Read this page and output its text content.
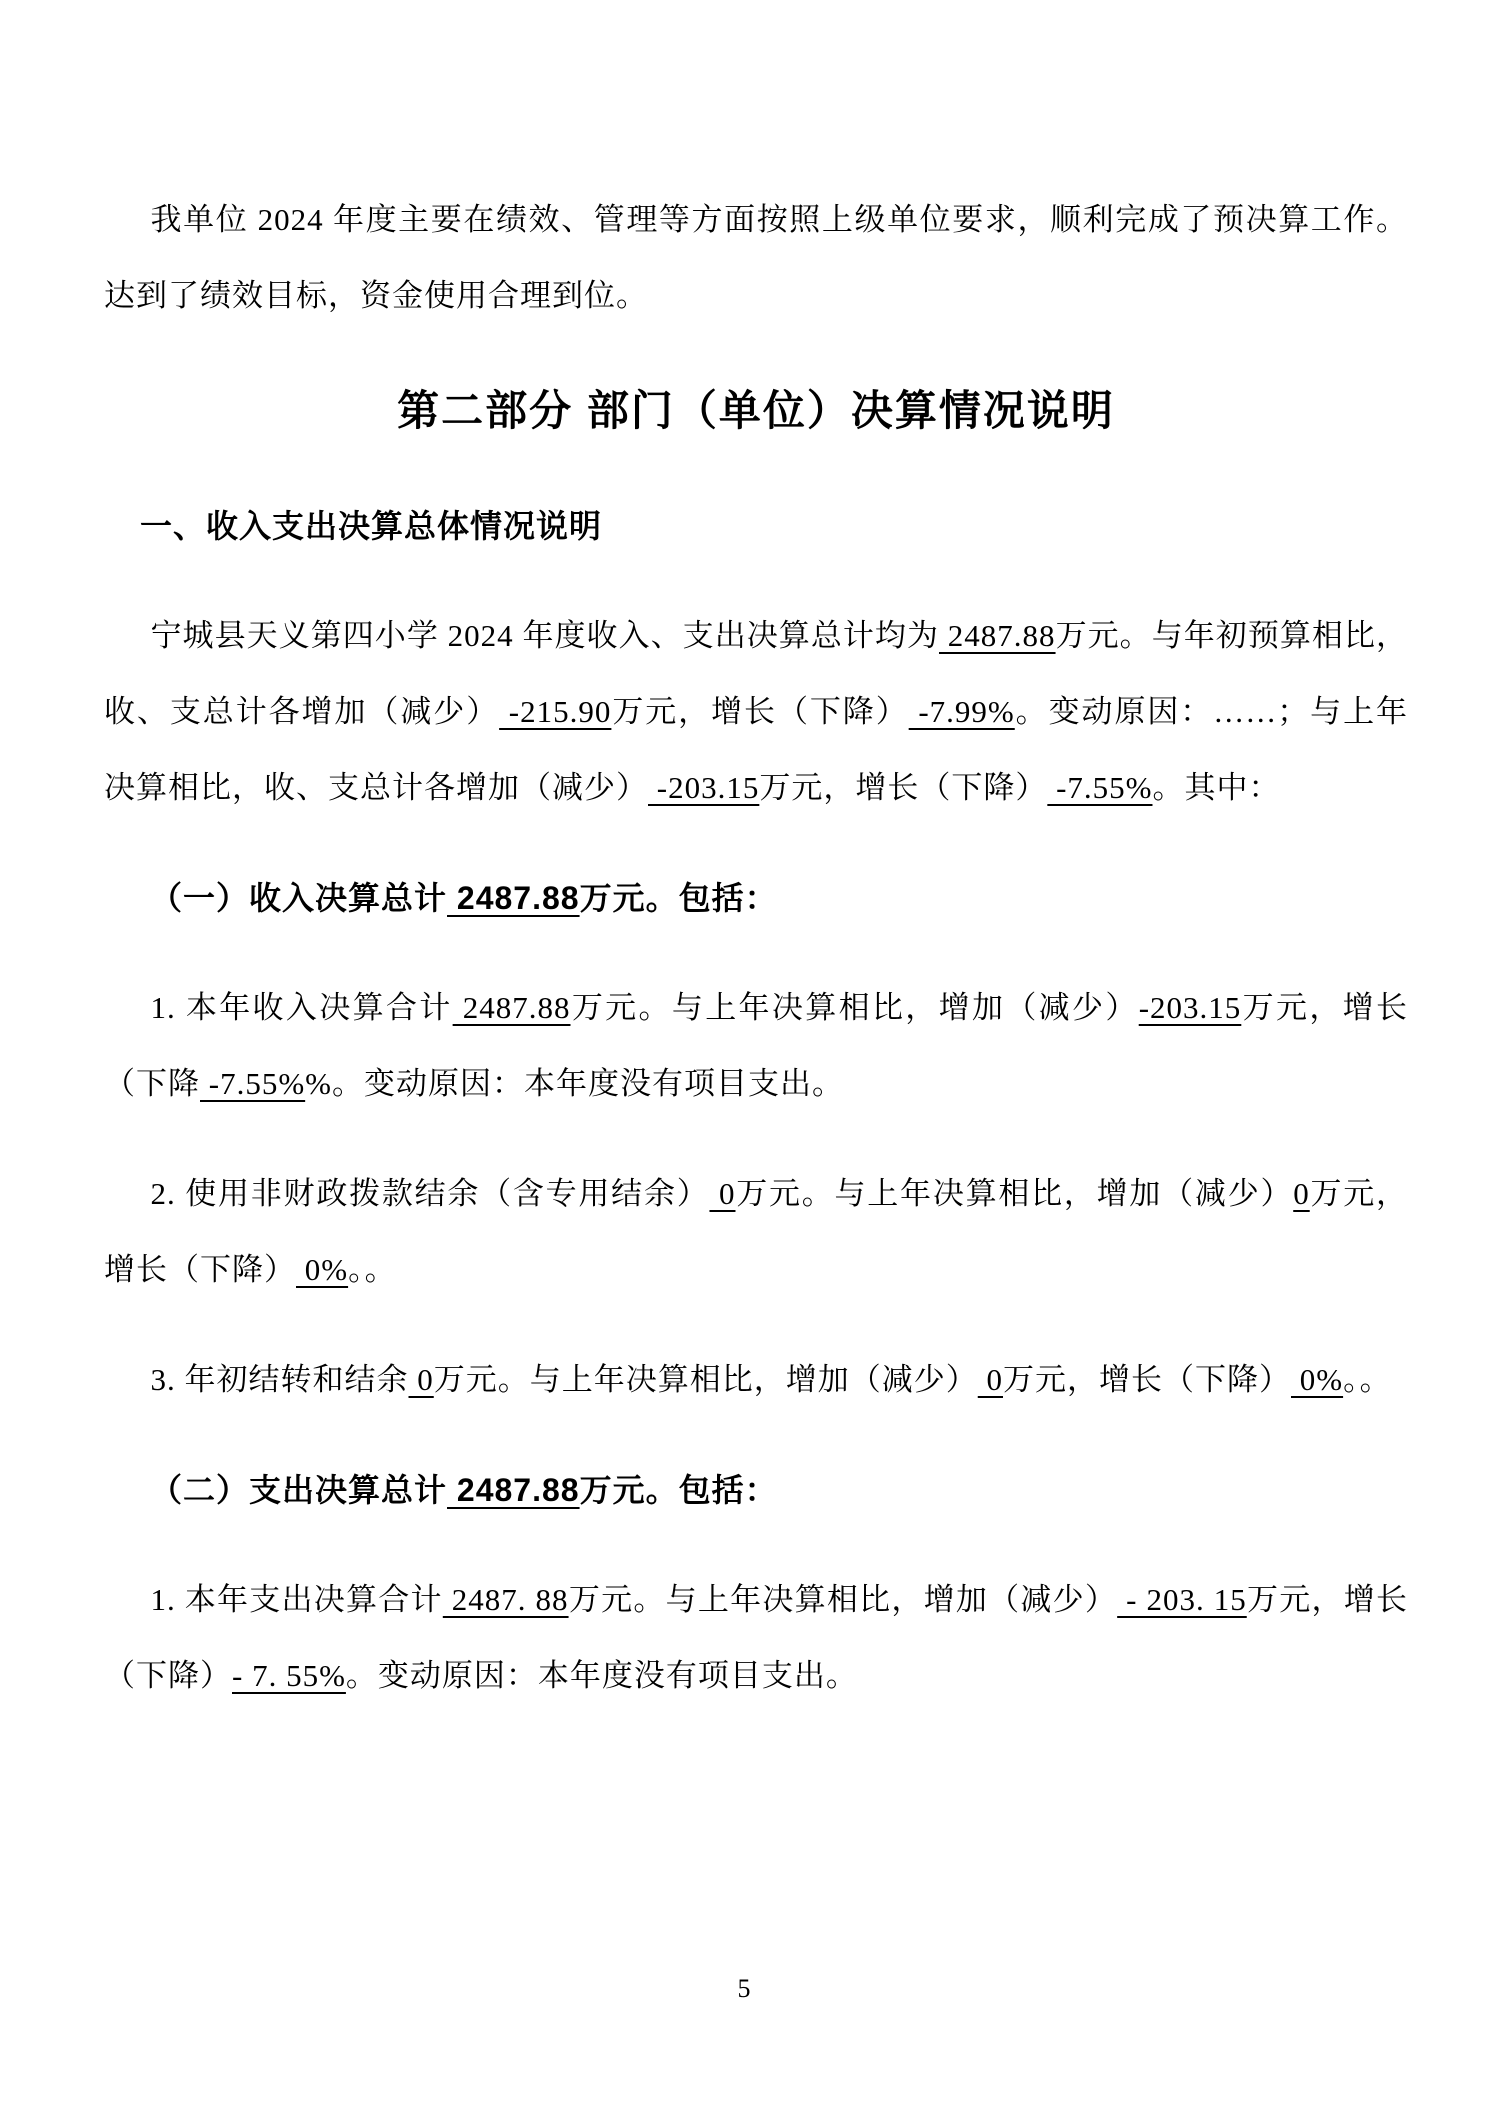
我单位 2024 年度主要在绩效、管理等方面按照上级单位要求，顺利完成了预决算工作。达到了绩效目标，资金使用合理到位。

第二部分 部门（单位）决算情况说明
一、收入支出决算总体情况说明

宁城县天义第四小学 2024 年度收入、支出决算总计均为 2487.88万元。与年初预算相比，收、支总计各增加（减少） -215.90万元，增长（下降） -7.99%。变动原因：……；与上年决算相比，收、支总计各增加（减少） -203.15万元，增长（下降） -7.55%。其中：

（一）收入决算总计 2487.88万元。包括：

1. 本年收入决算合计 2487.88万元。与上年决算相比，增加（减少）-203.15万元，增长（下降 -7.55%%。变动原因：本年度没有项目支出。

2. 使用非财政拨款结余（含专用结余） 0万元。与上年决算相比，增加（减少）0万元，增长（下降） 0%。。

3. 年初结转和结余 0万元。与上年决算相比，增加（减少） 0万元，增长（下降） 0%。。

（二）支出决算总计 2487.88万元。包括：

1. 本年支出决算合计 2487. 88万元。与上年决算相比，增加（减少） - 203. 15万元，增长（下降）- 7. 55%。变动原因：本年度没有项目支出。

5
